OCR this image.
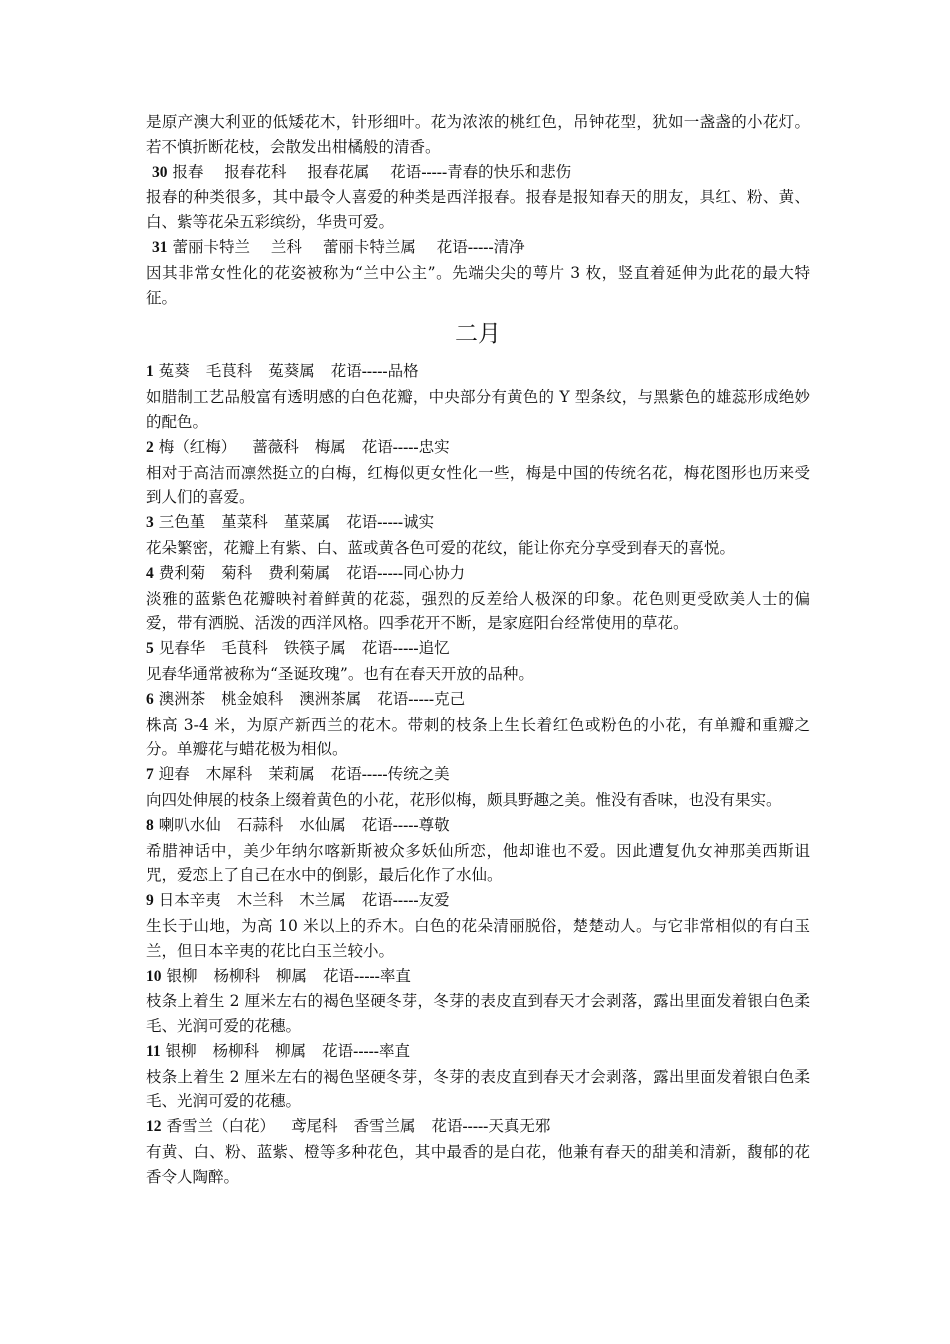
是原产澳大利亚的低矮花木，针形细叶。花为浓浓的桃红色，吊钟花型，犹如一盏盏的小花灯。若不慎折断花枝，会散发出柑橘般的清香。

30 报春 报春花科 报春花属 花语-----青春的快乐和悲伤

报春的种类很多，其中最令人喜爱的种类是西洋报春。报春是报知春天的朋友，具红、粉、黄、白、紫等花朵五彩缤纷，华贵可爱。

31 蕾丽卡特兰 兰科 蕾丽卡特兰属 花语-----清净

因其非常女性化的花姿被称为“兰中公主”。先端尖尖的萼片 3 枚，竖直着延伸为此花的最大特征。

二月

1 菟葵 毛茛科 菟葵属 花语-----品格

如腊制工艺品般富有透明感的白色花瓣，中央部分有黄色的 Y 型条纹，与黑紫色的雄蕊形成绝妙的配色。

2 梅（红梅） 蔷薇科 梅属 花语-----忠实

相对于高洁而凛然挺立的白梅，红梅似更女性化一些，梅是中国的传统名花，梅花图形也历来受到人们的喜爱。

3 三色堇 堇菜科 堇菜属 花语-----诚实

花朵繁密，花瓣上有紫、白、蓝或黄各色可爱的花纹，能让你充分享受到春天的喜悦。

4 费利菊 菊科 费利菊属 花语-----同心协力

淡雅的蓝紫色花瓣映衬着鲜黄的花蕊，强烈的反差给人极深的印象。花色则更受欧美人士的偏爱，带有洒脱、活泼的西洋风格。四季花开不断，是家庭阳台经常使用的草花。

5 见春华 毛茛科 铁筷子属 花语-----追忆

见春华通常被称为“圣诞玫瑰”。也有在春天开放的品种。

6 澳洲茶 桃金娘科 澳洲茶属 花语-----克己

株高 3-4 米，为原产新西兰的花木。带刺的枝条上生长着红色或粉色的小花，有单瓣和重瓣之分。单瓣花与蜡花极为相似。

7 迎春 木犀科 茉莉属 花语-----传统之美

向四处伸展的枝条上缀着黄色的小花，花形似梅，颇具野趣之美。惟没有香味，也没有果实。

8 喇叭水仙 石蒜科 水仙属 花语-----尊敬

希腊神话中，美少年纳尔喀新斯被众多妖仙所恋，他却谁也不爱。因此遭复仇女神那美西斯诅咒，爱恋上了自己在水中的倒影，最后化作了水仙。

9 日本辛夷 木兰科 木兰属 花语-----友爱

生长于山地，为高 10 米以上的乔木。白色的花朵清丽脱俗，楚楚动人。与它非常相似的有白玉兰，但日本辛夷的花比白玉兰较小。

10 银柳 杨柳科 柳属 花语-----率直

枝条上着生 2 厘米左右的褐色坚硬冬芽，冬芽的表皮直到春天才会剥落，露出里面发着银白色柔毛、光润可爱的花穗。

11 银柳 杨柳科 柳属 花语-----率直

枝条上着生 2 厘米左右的褐色坚硬冬芽，冬芽的表皮直到春天才会剥落，露出里面发着银白色柔毛、光润可爱的花穗。

12 香雪兰（白花） 鸢尾科 香雪兰属 花语-----天真无邪

有黄、白、粉、蓝紫、橙等多种花色，其中最香的是白花，他兼有春天的甜美和清新，馥郁的花香令人陶醉。
